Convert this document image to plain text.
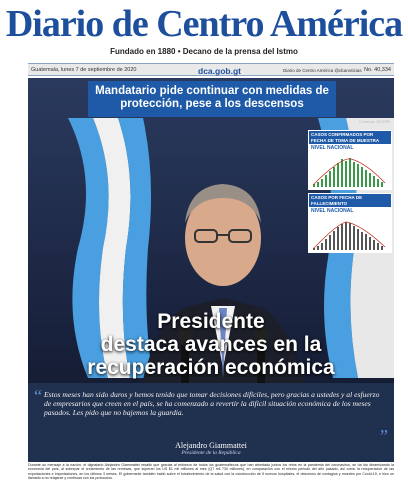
Diario de Centro América
Fundado en 1880 • Decano de la prensa del Istmo
Guatemala, lunes 7 de septiembre de 2020	dca.gob.gt	Diario de Centro América @dcanoticias No. 40,334
Mandatario pide continuar con medidas de protección, pese a los descensos
Cortesía: SCSPR
CASOS CONFIRMADOS POR FECHA DE TOMA DE MUESTRA
NIVEL NACIONAL
CASOS POR FECHA DE FALLECIMIENTO
NIVEL NACIONAL
Presidente
destaca avances en la
recuperación económica
“ Estos meses han sido duros y hemos tenido que tomar decisiones difíciles, pero gracias a ustedes y al esfuerzo de empresarios que creen en el país, se ha comenzado a revertir la difícil situación económica de los meses pasados. Les pido que no bajemos la guardia.
”
Alejandro Giammattei
Presidente de la República
Durante su mensaje a la nación, el dignatario Alejandro Giammattei resaltó que gracias al esfuerzo de todos los guatemaltecos que han afrontado juntos los retos en la pandemia del coronavirus, se ha ido dinamizando la economía del país, al sobrepar el crecimiento de las remesas, que superan los US $1 mil millones al mes (Q7 mil 730 millones), en comparación con el mismo periodo del año pasado, así como la recuperación de las exportaciones e importaciones, en los últimos 3 meses. El gobernante también habló sobre el fortalecimiento de la salud con la construcción de 5 nuevos hospitales, el descenso de contagios y muertes por Covid-19, e hizo un llamado a no relajarse y continuar con los protocolos.
